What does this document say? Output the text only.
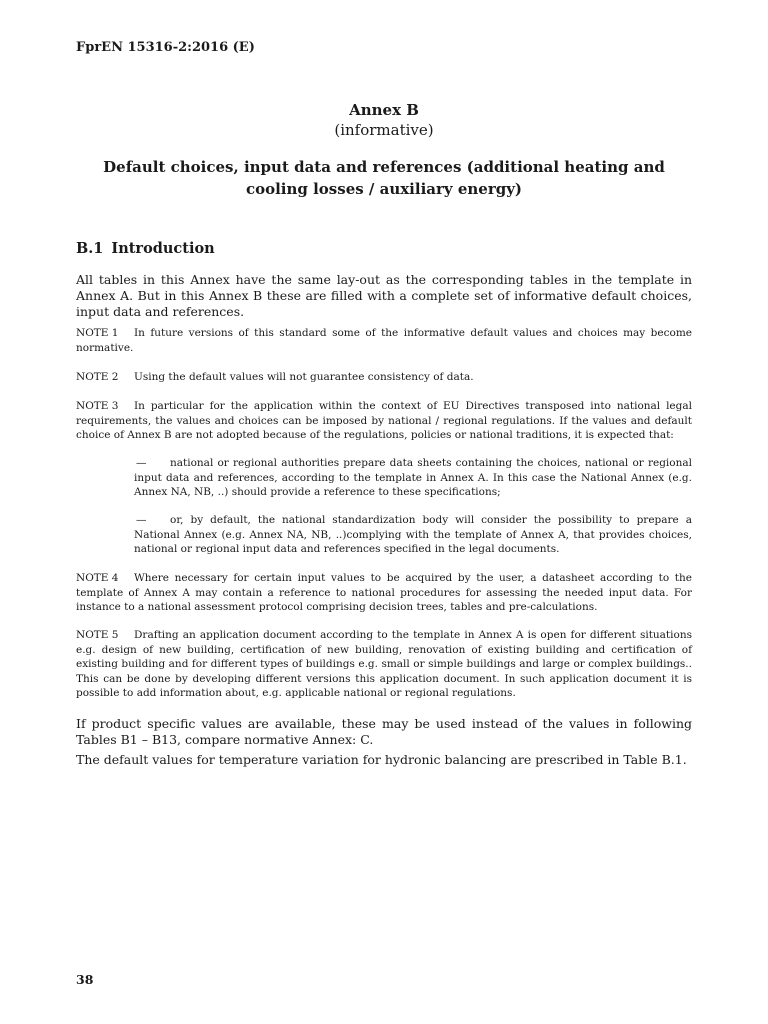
FprEN 15316-2:2016 (E)
Annex B
(informative)
Default choices, input data and references (additional heating and cooling losses / auxiliary energy)
B.1 Introduction
All tables in this Annex have the same lay-out as the corresponding tables in the template in Annex A. But in this Annex B these are filled with a complete set of informative default choices, input data and references.
NOTE 1 In future versions of this standard some of the informative default values and choices may become normative.
NOTE 2 Using the default values will not guarantee consistency of data.
NOTE 3 In particular for the application within the context of EU Directives transposed into national legal requirements, the values and choices can be imposed by national / regional regulations. If the values and default choice of Annex B are not adopted because of the regulations, policies or national traditions, it is expected that:
— national or regional authorities prepare data sheets containing the choices, national or regional input data and references, according to the template in Annex A. In this case the National Annex (e.g. Annex NA, NB, ..) should provide a reference to these specifications;
— or, by default, the national standardization body will consider the possibility to prepare a National Annex (e.g. Annex NA, NB, ..)complying with the template of Annex A, that provides choices, national or regional input data and references specified in the legal documents.
NOTE 4 Where necessary for certain input values to be acquired by the user, a datasheet according to the template of Annex A may contain a reference to national procedures for assessing the needed input data. For instance to a national assessment protocol comprising decision trees, tables and pre-calculations.
NOTE 5 Drafting an application document according to the template in Annex A is open for different situations e.g. design of new building, certification of new building, renovation of existing building and certification of existing building and for different types of buildings e.g. small or simple buildings and large or complex buildings.. This can be done by developing different versions this application document. In such application document it is possible to add information about, e.g. applicable national or regional regulations.
If product specific values are available, these may be used instead of the values in following Tables B1 – B13, compare normative Annex: C.
The default values for temperature variation for hydronic balancing are prescribed in Table B.1.
38
